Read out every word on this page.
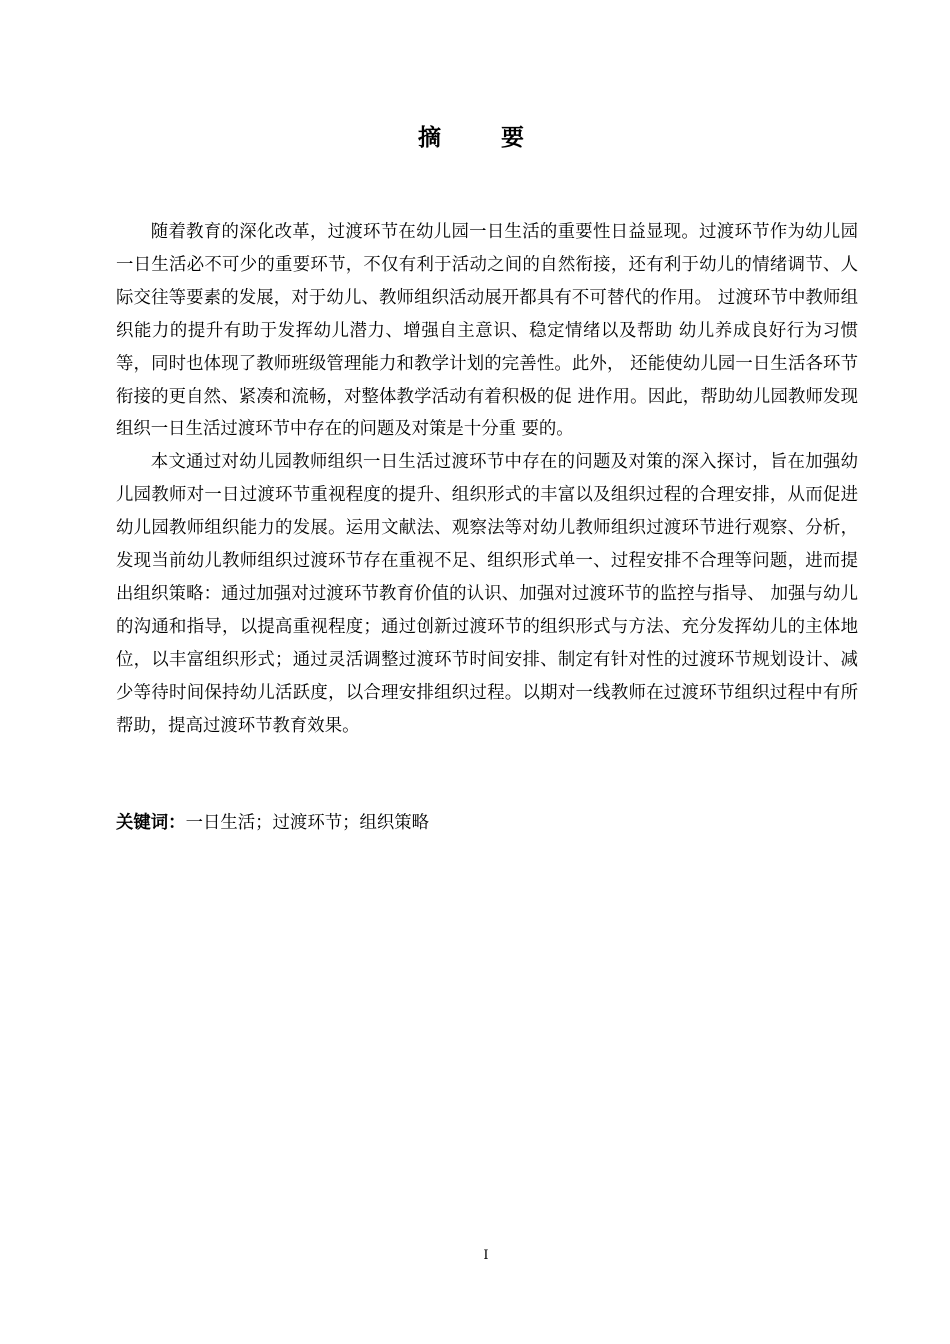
摘 要

随着教育的深化改革，过渡环节在幼儿园一日生活的重要性日益显现。过渡环节作为幼儿园一日生活必不可少的重要环节，不仅有利于活动之间的自然衔接，还有利于幼儿的情绪调节、人际交往等要素的发展，对于幼儿、教师组织活动展开都具有不可替代的作用。 过渡环节中教师组织能力的提升有助于发挥幼儿潜力、增强自主意识、稳定情绪以及帮助 幼儿养成良好行为习惯等，同时也体现了教师班级管理能力和教学计划的完善性。此外， 还能使幼儿园一日生活各环节衔接的更自然、紧凑和流畅，对整体教学活动有着积极的促 进作用。因此，帮助幼儿园教师发现组织一日生活过渡环节中存在的问题及对策是十分重 要的。

本文通过对幼儿园教师组织一日生活过渡环节中存在的问题及对策的深入探讨，旨在加强幼儿园教师对一日过渡环节重视程度的提升、组织形式的丰富以及组织过程的合理安排，从而促进幼儿园教师组织能力的发展。运用文献法、观察法等对幼儿教师组织过渡环节进行观察、分析，发现当前幼儿教师组织过渡环节存在重视不足、组织形式单一、过程安排不合理等问题，进而提出组织策略：通过加强对过渡环节教育价值的认识、加强对过渡环节的监控与指导、 加强与幼儿的沟通和指导，以提高重视程度；通过创新过渡环节的组织形式与方法、充分发挥幼儿的主体地位，以丰富组织形式；通过灵活调整过渡环节时间安排、制定有针对性的过渡环节规划设计、减少等待时间保持幼儿活跃度，以合理安排组织过程。以期对一线教师在过渡环节组织过程中有所帮助，提高过渡环节教育效果。

关键词：一日生活；过渡环节；组织策略
I
